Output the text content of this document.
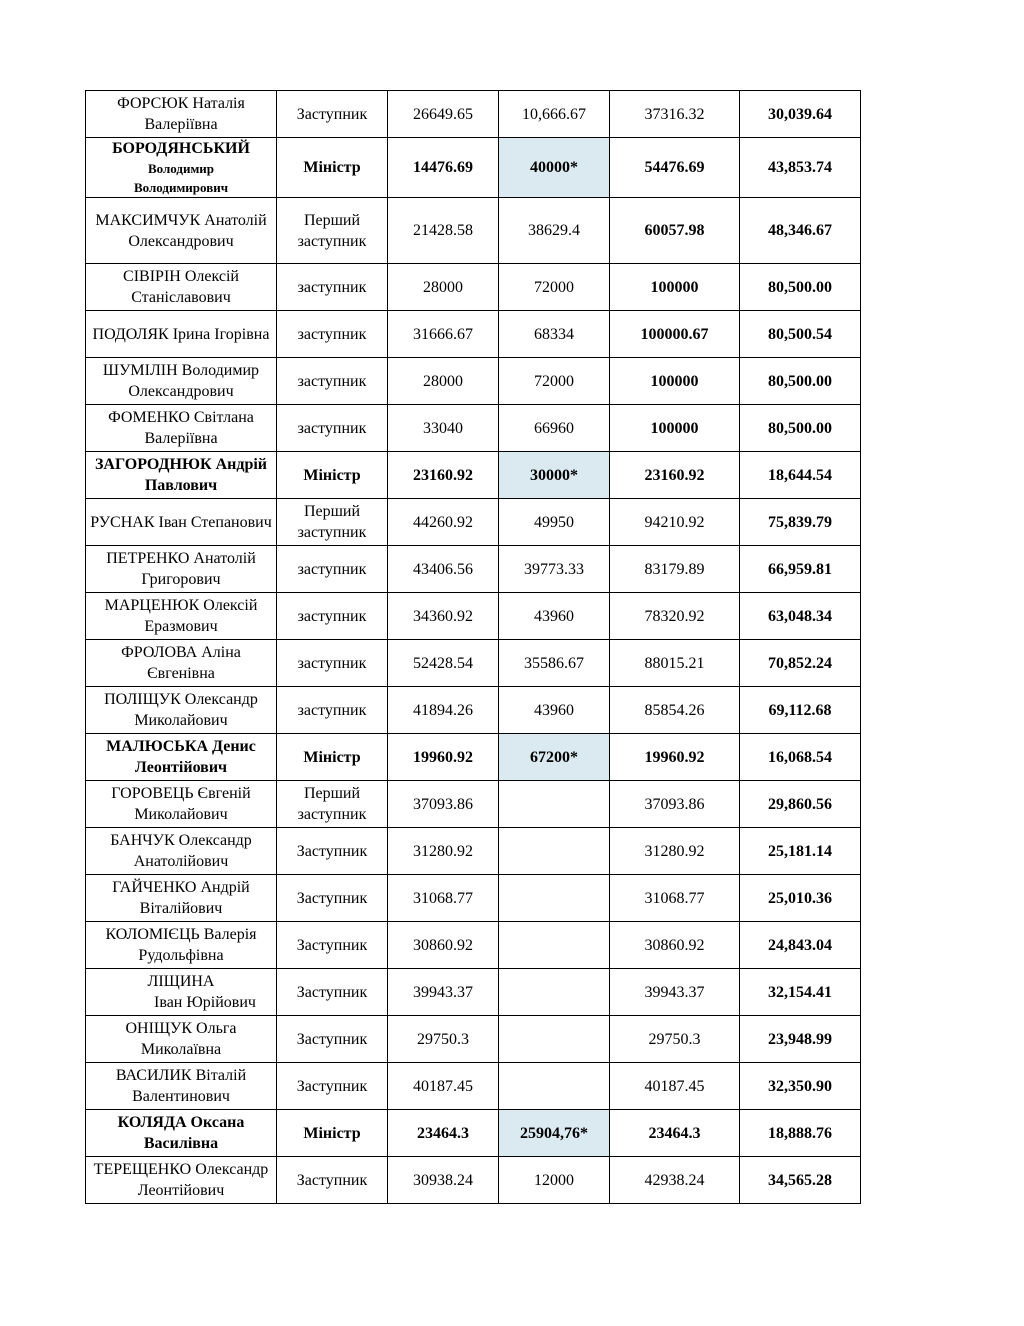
ФОРСЮК Наталія Валеріївна	Заступник	26649.65	10,666.67	37316.32	30,039.64

БОРОДЯНСЬКИЙ
Володимир
Володимирович	Міністр	14476.69	40000*	54476.69	43,853.74
МАКСИМЧУК Анатолій Олександрович	Перший заступник	21428.58	38629.4	60057.98	48,346.67
СІВІРІН Олексій Станіславович	заступник	28000	72000	100000	80,500.00
ПОДОЛЯК Ірина Ігорівна	заступник	31666.67	68334	100000.67	80,500.54
ШУМІЛІН Володимир Олександрович	заступник	28000	72000	100000	80,500.00
ФОМЕНКО Світлана Валеріївна	заступник	33040	66960	100000	80,500.00
ЗАГОРОДНЮК Андрій Павлович	Міністр	23160.92	30000*	23160.92	18,644.54
РУСНАК Іван Степанович	Перший заступник	44260.92	49950	94210.92	75,839.79
ПЕТРЕНКО Анатолій Григорович	заступник	43406.56	39773.33	83179.89	66,959.81
МАРЦЕНЮК Олексій Еразмович	заступник	34360.92	43960	78320.92	63,048.34
ФРОЛОВА Аліна Євгенівна	заступник	52428.54	35586.67	88015.21	70,852.24
ПОЛІЩУК Олександр Миколайович	заступник	41894.26	43960	85854.26	69,112.68
МАЛЮСЬКА Денис Леонтійович	Міністр	19960.92	67200*	19960.92	16,068.54
ГОРОВЕЦЬ Євгеній Миколайович	Перший заступник	37093.86		37093.86	29,860.56
БАНЧУК Олександр Анатолійович	Заступник	31280.92		31280.92	25,181.14
ГАЙЧЕНКО Андрій Віталійович	Заступник	31068.77		31068.77	25,010.36
КОЛОМІЄЦЬ Валерія Рудольфівна	Заступник	30860.92		30860.92	24,843.04

ЛІЩИНА
Іван Юрійович	Заступник	39943.37		39943.37	32,154.41
ОНІЩУК Ольга Миколаївна	Заступник	29750.3		29750.3	23,948.99
ВАСИЛИК Віталій Валентинович	Заступник	40187.45		40187.45	32,350.90
КОЛЯДА Оксана Василівна	Міністр	23464.3	25904,76*	23464.3	18,888.76
ТЕРЕЩЕНКО Олександр Леонтійович	Заступник	30938.24	12000	42938.24	34,565.28
